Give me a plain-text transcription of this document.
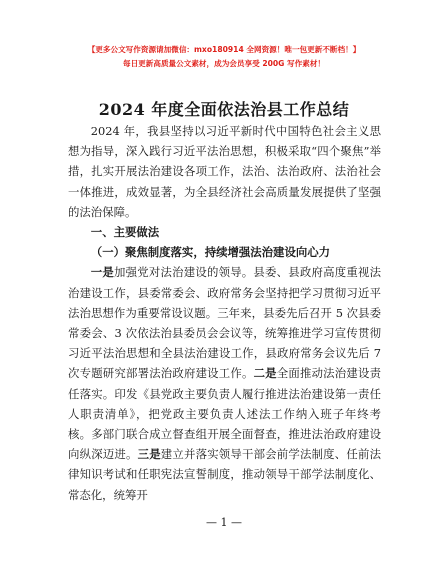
【更多公文写作资源请加微信：mxo180914 全网资源！唯一包更新不断档！】
每日更新高质量公文素材，成为会员享受 200G 写作素材！
2024 年度全面依法治县工作总结

2024 年，我县坚持以习近平新时代中国特色社会主义思想为指导，深入践行习近平法治思想，积极采取“四个聚焦”举措，扎实开展法治建设各项工作，法治、法治政府、法治社会一体推进，成效显著，为全县经济社会高质量发展提供了坚强的法治保障。

一、主要做法

（一）聚焦制度落实，持续增强法治建设向心力

一是加强党对法治建设的领导。县委、县政府高度重视法治建设工作，县委常委会、政府常务会坚持把学习贯彻习近平法治思想作为重要常设议题。三年来，县委先后召开 5 次县委常委会、3 次依法治县委员会会议等，统筹推进学习宣传贯彻习近平法治思想和全县法治建设工作，县政府常务会议先后 7 次专题研究部署法治政府建设工作。二是全面推动法治建设责任落实。印发《县党政主要负责人履行推进法治建设第一责任人职责清单》，把党政主要负责人述法工作纳入班子年终考核。多部门联合成立督查组开展全面督查，推进法治政府建设向纵深迈进。三是建立并落实领导干部会前学法制度、任前法律知识考试和任职宪法宣誓制度，推动领导干部学法制度化、常态化，统筹开

— 1 —
